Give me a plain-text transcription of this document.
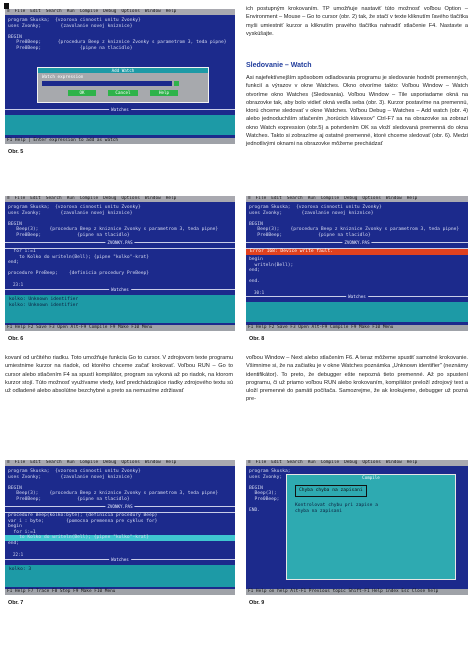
≡ File Edit Search Run Compile Debug Options Window Help
program Skuska;  {vzorova cinnosti unitu Zvonky}
uses Zvonky;       {zavolanie novej kniznice}

BEGIN
Pre0Beep;      {procedura Beep z kniznice Zvonky s parametrom 3, teda pipne}
Pre0Beep;              {pipne na tlacidlo}
Add Watch
Watch expression
OK	Cancel	Help
Watches
F1 Help | Enter expression to add as watch
Obr. 5
ich postupným krokovaním. TP umožňuje nastaviť túto možnosť voľbou Option – Environment – Mouse – Go to cursor (obr. 2) tak, že stačí v texte kliknutím ľavého tlačítka myši umiestniť kurzor a kliknutím pravého tlačítka nahradiť stlačenie F4. Nastavte a vyskúšajte.
Sledovanie – Watch
Asi najefektívnejším spôsobom odladovania programu je sledovanie hodnôt premenných, funkcií a výrazov v okne Watches. Okno otvoríme takto: Voľbou Window – Watch otvoríme okno Watches (Sledovania). Voľbou Window – Tile usporiadame okná na obrazovke tak, aby bolo vidieť okná vedľa seba (obr. 3). Kurzor postavíme na premennú, ktorú chceme sledovať v okne Watches. Voľbou Debug – Watches – Add watch (obr. 4) alebo jednoduchším stlačením „horúcich klávesov" Ctrl-F7 sa na obrazovke sa zobrazí okno Watch expression (obr.5) a potvrdením OK sa vloží sledovaná premenná do okna Watches. Takto si zobrazíme aj ostatné premenné, ktoré chceme sledovať (obr. 6). Medzi jednotlivými oknami na obrazovke môžeme prechádzať
≡ File Edit Search Run Compile Debug Options Window Help
program Skuska;  {vzorova cinnosti unitu Zvonky}
uses Zvonky;       {zavolanie novej kniznice}

BEGIN
Beep(3);    {procedura Beep z kniznice Zvonky s parametrom 3, teda pipne}
Pre0Beep;             {pipne na tlacidlo}
ZVONKY.PAS
for i:=1
to Kolko do writeln(Bell); {pipne "kolko"-krat}
end;

procedure PreBeep;    {definicia procedury PreBeep}
23:1
Watches
kolko: Unknown identifier
kolko: Unknown identifier
F1 Help F2 Save F3 Open Alt-F9 Compile F9 Make F10 Menu
Obr. 6
≡ File Edit Search Run Compile Debug Options Window Help
program Skuska;  {vzorova cinnosti unitu Zvonky}
uses Zvonky;       {zavolanie novej kniznice}

BEGIN
Beep(3);    {procedura Beep z kniznice Zvonky s parametrom 3, teda pipne}
Pre0Beep;             {pipne na tlacidlo}
ZVONKY.PAS
Error 168: Device write fault.
begin
writeln(Bell);
end;

end.
30:1
Watches
F1 Help F2 Save F3 Open Alt-F9 Compile F9 Make F10 Menu
Obr. 8
kovaní od určitého riadku. Toto umožňuje funkcia Go to cursor. V zdrojovom texte programu umiestnime kurzor na riadok, od ktorého chceme začať krokovať. Voľbou RUN – Go to cursor alebo stlačením F4 sa spustí kompilátor, program sa vykoná až po riadok, na ktorom kurzor stojí. Túto možnosť využívame vtedy, keď predchádzajúce riadky zdrojového textu sú už odladené alebo absolútne bezchybné a preto sa nemusíme zdržiavať
voľbou Window – Next alebo stlačením F6. A teraz môžeme spustiť samotné krokovanie. Všimnime si, že na začiatku je v okne Watches poznámka „Unknown identifier" (neznámy identifikátor). To preto, že debugger ešte nepozná tieto premenné. Až po spustení programu, či už priamo voľbou RUN alebo krokovaním, kompilátor preloží zdrojový text a uloží premenné do pamäti počítača. Samozrejme, že ak krokujeme, debugger už pozná pre-
≡ File Edit Search Run Compile Debug Options Window Help
program Skuska;  {vzorova cinnosti unitu Zvonky}
uses Zvonky;       {zavolanie novej kniznice}

BEGIN
Beep(3);    {procedura Beep z kniznice Zvonky s parametrom 3, teda pipne}
Pre0Beep;             {pipne na tlacidlo}
ZVONKY.PAS
procedure Beep(kolko:byte); {definicia procedury Beep}
var i : byte;        {pomocna premenna pre cyklus for}
begin
for i:=1
to Kolko do writeln(Bell); {pipne "kolko"-krat}
end;
22:1
Watches
kolko: 3
F1 Help F7 Trace F8 Step F9 Make F10 Menu
Obr. 7
≡ File Edit Search Run Compile Debug Options Window Help
program Skuska;
uses Zvonky;

BEGIN
Beep(3);
Pre0Beep;

END.
Compile
Chyba chyba na zapisani
Kontrolovat chybu pri zapise a chyba na zapisani
F1 Help on help Alt-F1 Previous topic Shift-F1 Help index Esc Close help
Obr. 9
